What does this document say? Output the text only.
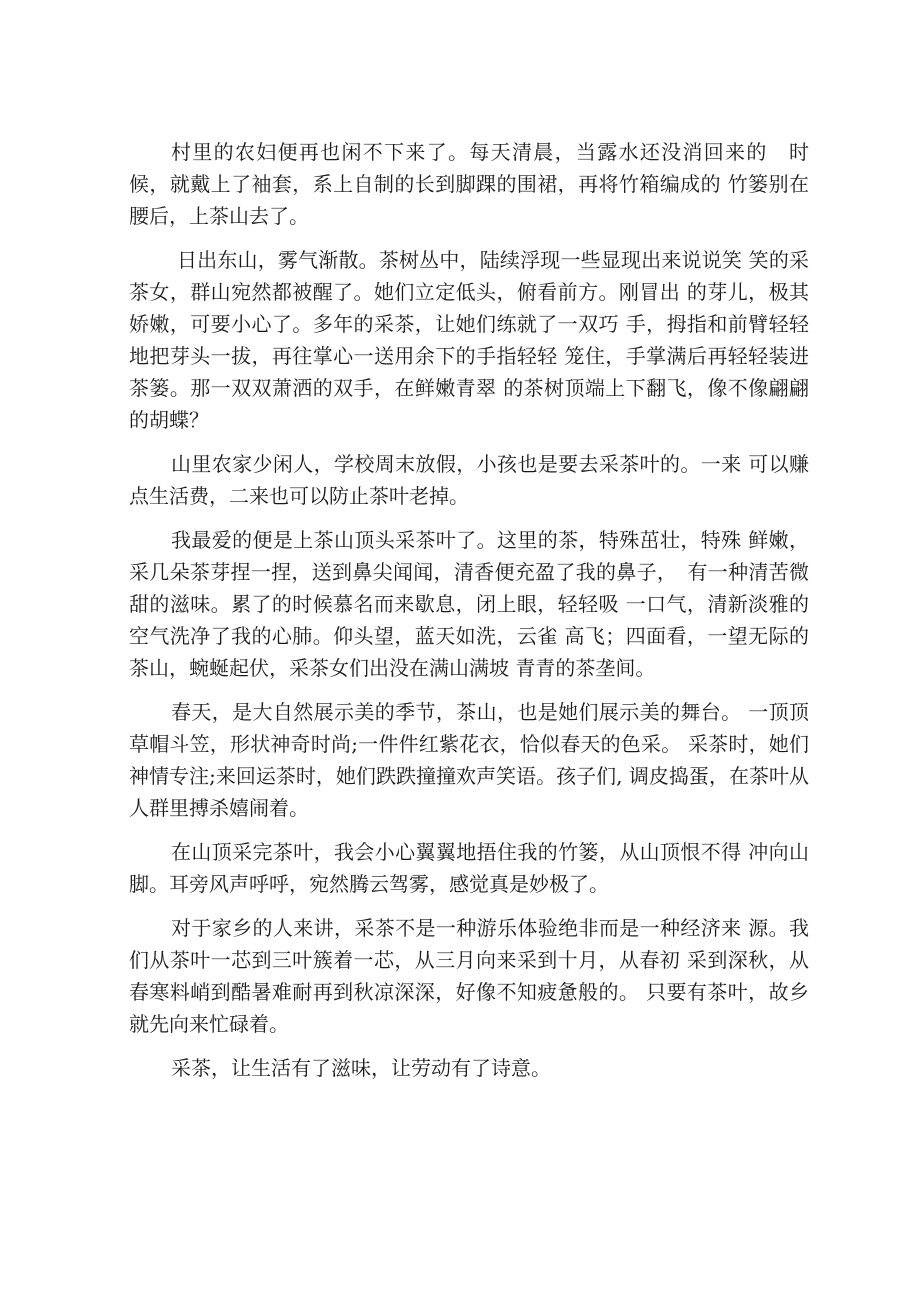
村里的农妇便再也闲不下来了。每天清晨，当露水还没消回来的　时候，就戴上了袖套，系上自制的长到脚踝的围裙，再将竹箱编成的 竹篓别在腰后，上茶山去了。

日出东山，雾气渐散。茶树丛中，陆续浮现一些显现出来说说笑 笑的采茶女，群山宛然都被醒了。她们立定低头，俯看前方。刚冒出 的芽儿，极其娇嫩，可要小心了。多年的采茶，让她们练就了一双巧 手，拇指和前臂轻轻地把芽头一拔，再往掌心一送用余下的手指轻轻 笼住，手掌满后再轻轻装进茶篓。那一双双萧洒的双手，在鲜嫩青翠 的茶树顶端上下翻飞，像不像翩翩的胡蝶？

山里农家少闲人，学校周末放假，小孩也是要去采茶叶的。一来 可以赚点生活费，二来也可以防止茶叶老掉。

我最爱的便是上茶山顶头采茶叶了。这里的茶，特殊茁壮，特殊 鲜嫩，采几朵茶芽捏一捏，送到鼻尖闻闻，清香便充盈了我的鼻子，　有一种清苦微甜的滋味。累了的时候慕名而来歇息，闭上眼，轻轻吸 一口气，清新淡雅的空气洗净了我的心肺。仰头望，蓝天如洗，云雀 高飞；四面看，一望无际的茶山，蜿蜒起伏，采茶女们出没在满山满坡 青青的茶垄间。

春天，是大自然展示美的季节，茶山，也是她们展示美的舞台。 一顶顶草帽斗笠，形状神奇时尚;一件件红紫花衣，恰似春天的色采。 采茶时，她们神情专注;来回运茶时，她们跌跌撞撞欢声笑语。孩子们, 调皮捣蛋，在茶叶从人群里搏杀嬉闹着。

在山顶采完茶叶，我会小心翼翼地捂住我的竹篓，从山顶恨不得 冲向山脚。耳旁风声呼呼，宛然腾云驾雾，感觉真是妙极了。

对于家乡的人来讲，采茶不是一种游乐体验绝非而是一种经济来 源。我们从茶叶一芯到三叶簇着一芯，从三月向来采到十月，从春初 采到深秋，从春寒料峭到酷暑难耐再到秋凉深深，好像不知疲惫般的。 只要有茶叶，故乡就先向来忙碌着。

采茶，让生活有了滋味，让劳动有了诗意。
